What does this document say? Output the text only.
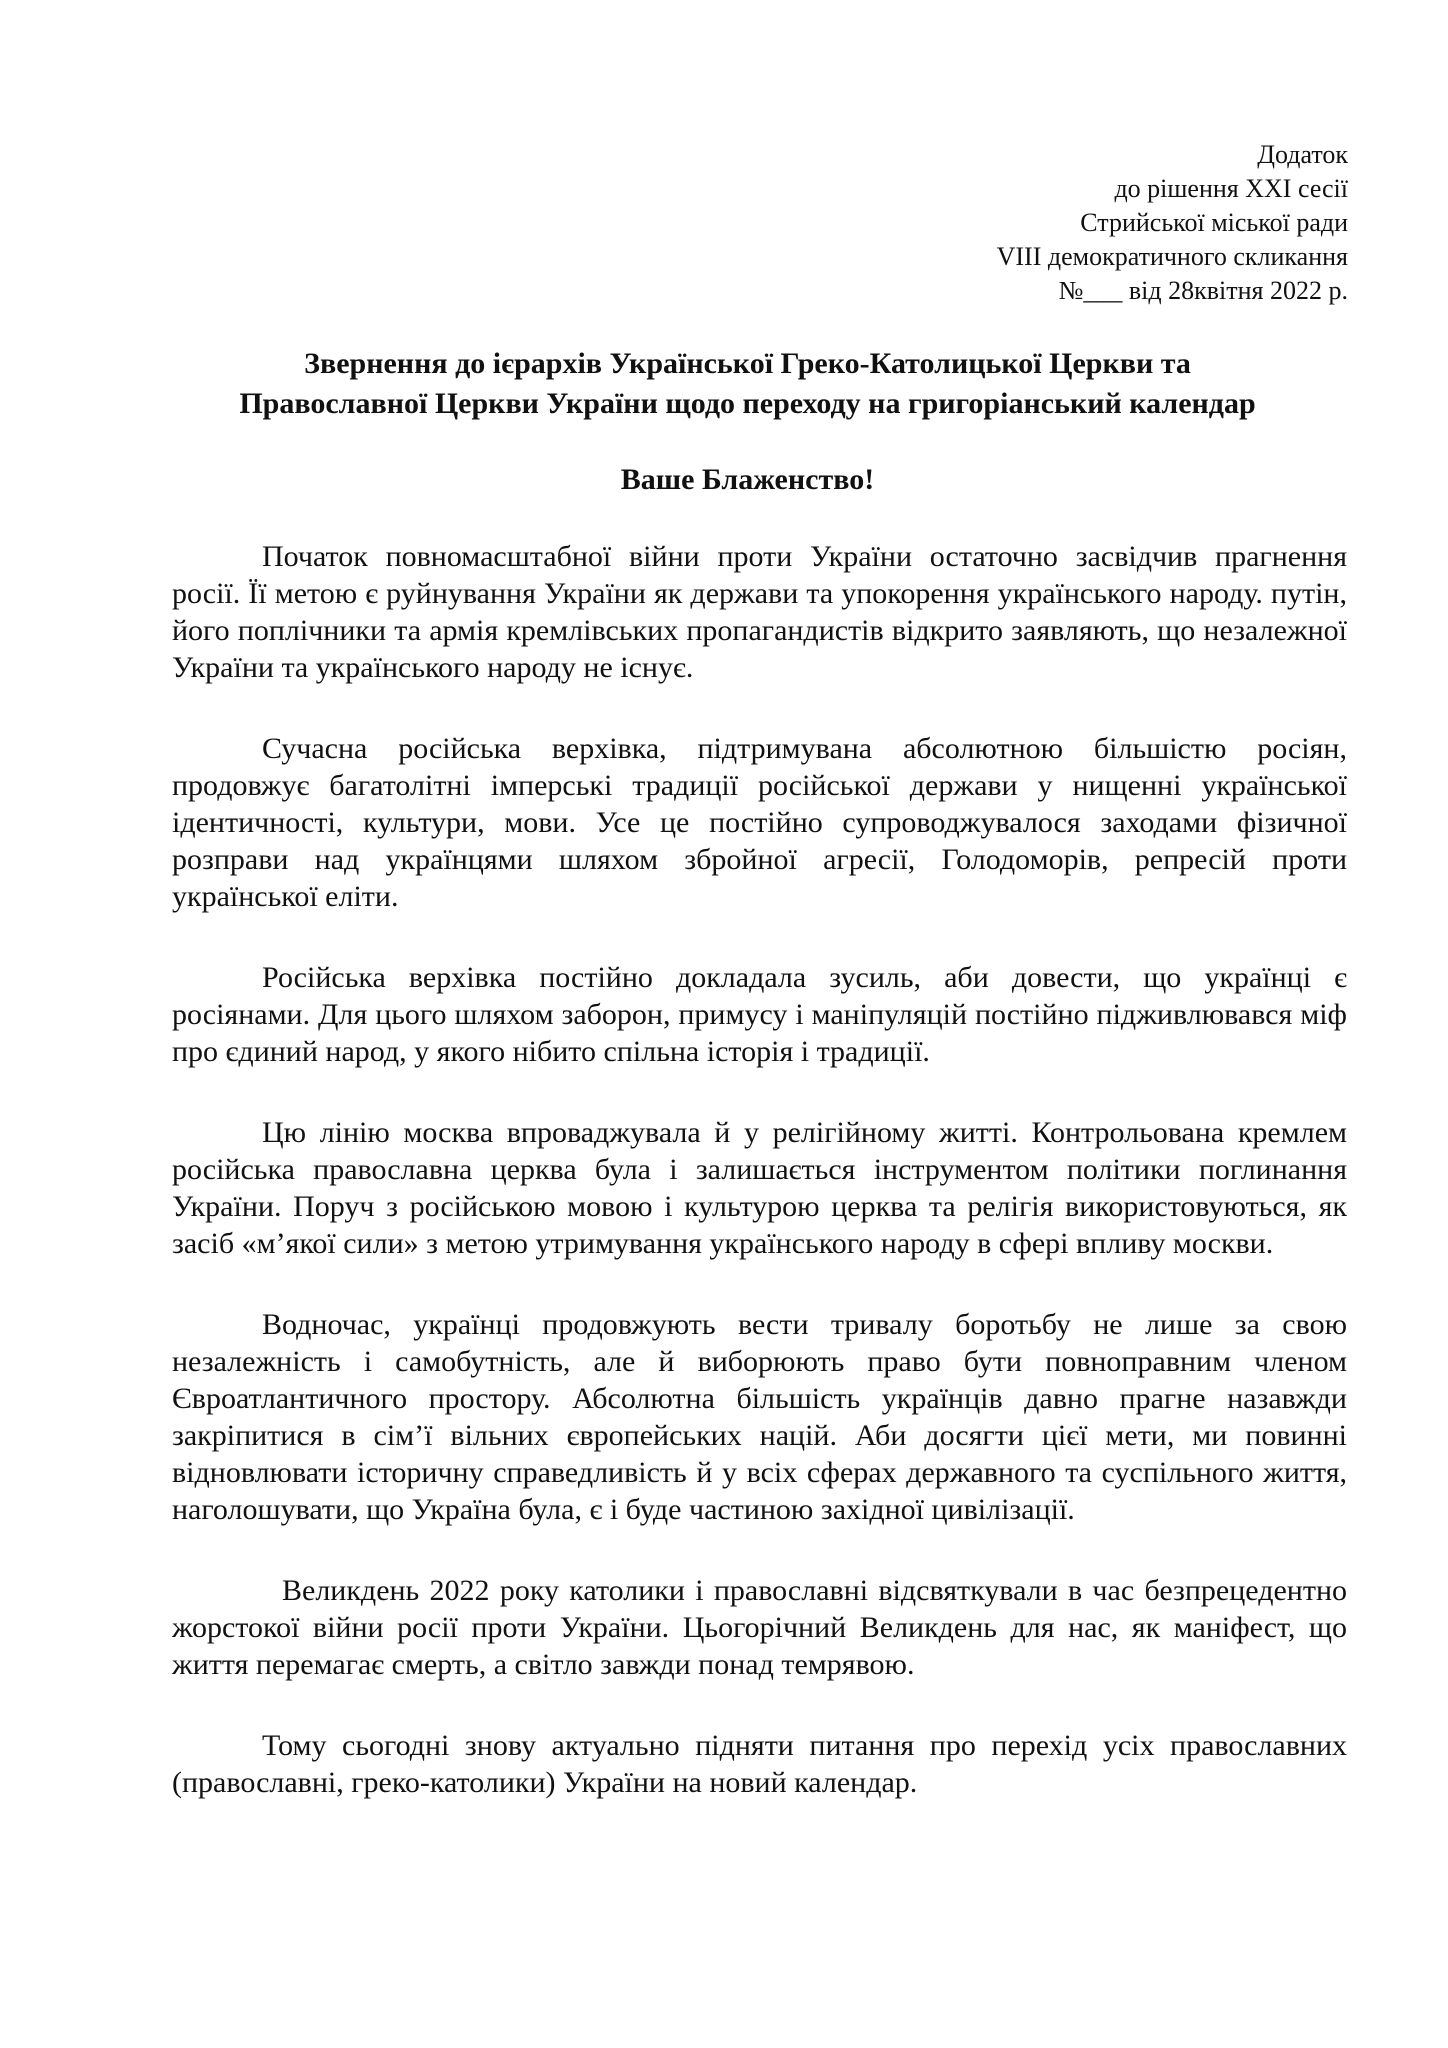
Додаток
до рішення XXI сесії
Стрийської міської ради
VIII демократичного скликання
№___ від 28квітня 2022 р.
Звернення до ієрархів Української Греко-Католицької Церкви та
Православної Церкви України щодо переходу на григоріанський календар
Ваше Блаженство!

Початок повномасштабної війни проти України остаточно засвідчив прагнення росії. Її метою є руйнування України як держави та упокорення українського народу. путін, його поплічники та армія кремлівських пропагандистів відкрито заявляють, що незалежної України та українського народу не існує.

Сучасна російська верхівка, підтримувана абсолютною більшістю росіян, продовжує багатолітні імперські традиції російської держави у нищенні української ідентичності, культури, мови. Усе це постійно супроводжувалося заходами фізичної розправи над українцями шляхом збройної агресії, Голодоморів, репресій проти української еліти.

Російська верхівка постійно докладала зусиль, аби довести, що українці є росіянами. Для цього шляхом заборон, примусу і маніпуляцій постійно підживлювався міф про єдиний народ, у якого нібито спільна історія і традиції.

Цю лінію москва впроваджувала й у релігійному житті. Контрольована кремлем російська православна церква була і залишається інструментом політики поглинання України. Поруч з російською мовою і культурою церква та релігія використовуються, як засіб «м’якої сили» з метою утримування українського народу в сфері впливу москви.

Водночас, українці продовжують вести тривалу боротьбу не лише за свою незалежність і самобутність, але й виборюють право бути повноправним членом Євроатлантичного простору. Абсолютна більшість українців давно прагне назавжди закріпитися в сім’ї вільних європейських націй. Аби досягти цієї мети, ми повинні відновлювати історичну справедливість й у всіх сферах державного та суспільного життя, наголошувати, що Україна була, є і буде частиною західної цивілізації.

Великдень 2022 року католики і православні відсвяткували в час безпрецедентно жорстокої війни росії проти України. Цьогорічний Великдень для нас, як маніфест, що життя перемагає смерть, а світло завжди понад темрявою.

Тому сьогодні знову актуально підняти питання про перехід усіх православних (православні, греко-католики) України на новий календар.
